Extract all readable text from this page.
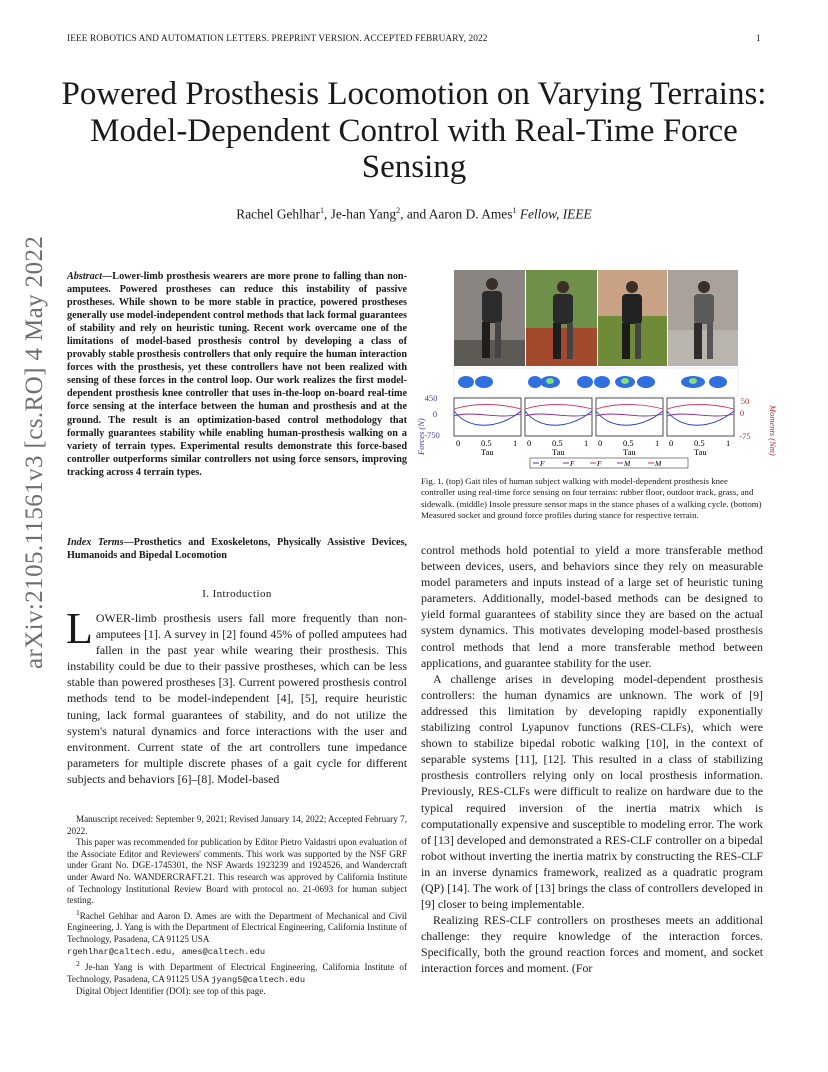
IEEE ROBOTICS AND AUTOMATION LETTERS. PREPRINT VERSION. ACCEPTED FEBRUARY, 2022	1
Powered Prosthesis Locomotion on Varying Terrains: Model-Dependent Control with Real-Time Force Sensing
Rachel Gehlhar$^1$, Je-han Yang$^2$, and Aaron D. Ames$^1$ Fellow, IEEE
arXiv:2105.11561v3 [cs.RO] 4 May 2022 Abstract—Lower-limb prosthesis wearers are more prone to falling than non-amputees. Powered prostheses can reduce this instability of passive prostheses. While shown to be more stable in practice, powered prostheses generally use model-independent control methods that lack formal guarantees of stability and rely on heuristic tuning. Recent work overcame one of the limitations of model-based prosthesis control by developing a class of provably stable prosthesis controllers that only require the human interaction forces with the prosthesis, yet these controllers have not been realized with sensing of these forces in the control loop. Our work realizes the first model-dependent prosthesis knee controller that uses in-the-loop on-board real-time force sensing at the interface between the human and prosthesis and at the ground. The result is an optimization-based control methodology that formally guarantees stability while enabling human-prosthesis walking on a variety of terrain types. Experimental results demonstrate this force-based controller outperforms similar controllers not using force sensors, improving tracking across 4 terrain types.
Index Terms—Prosthetics and Exoskeletons, Physically Assistive Devices, Humanoids and Bipedal Locomotion
I. Introduction
LOWER-limb prosthesis users fall more frequently than non-amputees [1]. A survey in [2] found 45% of polled amputees had fallen in the past year while wearing their prosthesis. This instability could be due to their passive prostheses, which can be less stable than powered prostheses [3]. Current powered prosthesis control methods tend to be model-independent [4], [5], require heuristic tuning, lack formal guarantees of stability, and do not utilize the system's natural dynamics and force interactions with the user and environment. Current state of the art controllers tune impedance parameters for multiple discrete phases of a gait cycle for different subjects and behaviors [6]–[8]. Model-based

Manuscript received: September 9, 2021; Revised January 14, 2022; Accepted February 7, 2022.

This paper was recommended for publication by Editor Pietro Valdastri upon evaluation of the Associate Editor and Reviewers' comments. This work was supported by the NSF GRF under Grant No. DGE-1745301, the NSF Awards 1923239 and 1924526, and Wandercraft under Award No. WANDERCRAFT.21. This research was approved by California Institute of Technology Institutional Review Board with protocol no. 21-0693 for human subject testing.

$^1$Rachel Gehlhar and Aaron D. Ames are with the Department of Mechanical and Civil Engineering, J. Yang is with the Department of Electrical Engineering, California Institute of Technology, Pasadena, CA 91125 USA
rgehlhar@caltech.edu, ames@caltech.edu

$^2$ Je-han Yang is with Department of Electrical Engineering, California Institute of Technology, Pasadena, CA 91125 USA jyang5@caltech.edu

Digital Object Identifier (DOI): see top of this page.

450
0
-750
Forces (N)
50
0
-75 Moments (Nm)
0 0.5	1
Tau
0 0.5	1
Tau
0 0.5	1
Tau
0 0.5	1
Tau
F	F	F	M	M
Fig. 1. (top) Gait tiles of human subject walking with model-dependent prosthesis knee controller using real-time force sensing on four terrains: rubber floor, outdoor track, grass, and sidewalk. (middle) Insole pressure sensor maps in the stance phases of a walking cycle. (bottom) Measured socket and ground force profiles during stance for respective terrain.

control methods hold potential to yield a more transferable method between devices, users, and behaviors since they rely on measurable model parameters and inputs instead of a large set of heuristic tuning parameters. Additionally, model-based methods can be designed to yield formal guarantees of stability since they are based on the actual system dynamics. This motivates developing model-based prosthesis control methods that lend a more transferable method between applications, and guarantee stability for the user.

A challenge arises in developing model-dependent prosthesis controllers: the human dynamics are unknown. The work of [9] addressed this limitation by developing rapidly exponentially stabilizing control Lyapunov functions (RES-CLFs), which were shown to stabilize bipedal robotic walking [10], in the context of separable systems [11], [12]. This resulted in a class of stabilizing prosthesis controllers relying only on local prosthesis information. Previously, RES-CLFs were difficult to realize on hardware due to the typical required inversion of the inertia matrix which is computationally expensive and susceptible to modeling error. The work of [13] developed and demonstrated a RES-CLF controller on a bipedal robot without inverting the inertia matrix by constructing the RES-CLF in an inverse dynamics framework, realized as a quadratic program (QP) [14]. The work of [13] brings the class of controllers developed in [9] closer to being implementable.

Realizing RES-CLF controllers on prostheses meets an additional challenge: they require knowledge of the interaction forces. Specifically, both the ground reaction forces and moment, and socket interaction forces and moment. (For
